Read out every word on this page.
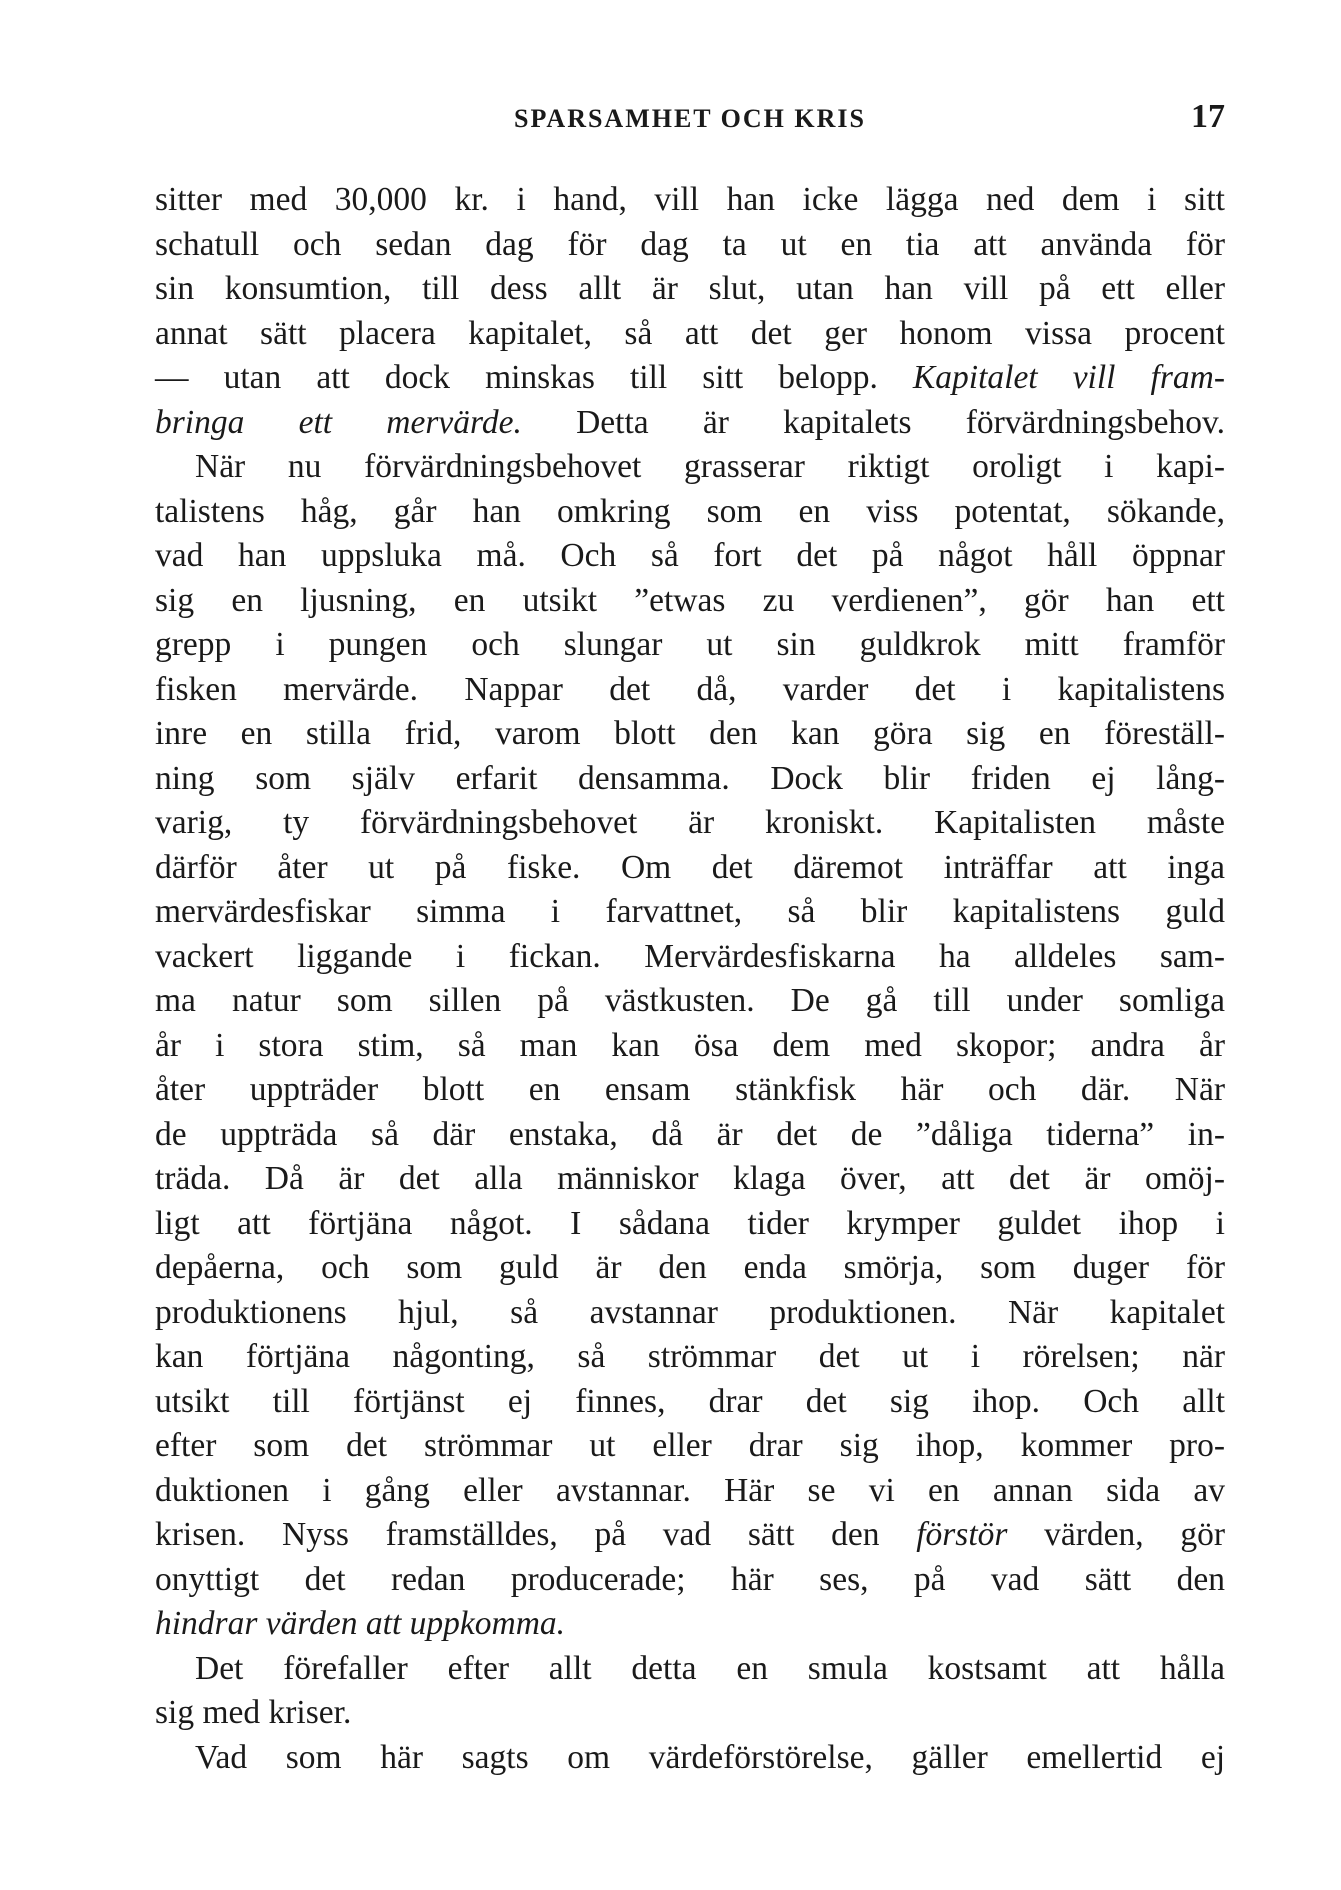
SPARSAMHET OCH KRIS	17
sitter med 30,000 kr. i hand, vill han icke lägga ned dem i sitt
schatull och sedan dag för dag ta ut en tia att använda för
sin konsumtion, till dess allt är slut, utan han vill på ett eller
annat sätt placera kapitalet, så att det ger honom vissa procent
— utan att dock minskas till sitt belopp. Kapitalet vill fram-
bringa ett mervärde. Detta är kapitalets förvärdningsbehov.
När nu förvärdningsbehovet grasserar riktigt oroligt i kapi-
talistens håg, går han omkring som en viss potentat, sökande,
vad han uppsluka må. Och så fort det på något håll öppnar
sig en ljusning, en utsikt ”etwas zu verdienen”, gör han ett
grepp i pungen och slungar ut sin guldkrok mitt framför
fisken mervärde. Nappar det då, varder det i kapitalistens
inre en stilla frid, varom blott den kan göra sig en föreställ-
ning som själv erfarit densamma. Dock blir friden ej lång-
varig, ty förvärdningsbehovet är kroniskt. Kapitalisten måste
därför åter ut på fiske. Om det däremot inträffar att inga
mervärdesfiskar simma i farvattnet, så blir kapitalistens guld
vackert liggande i fickan. Mervärdesfiskarna ha alldeles sam-
ma natur som sillen på västkusten. De gå till under somliga
år i stora stim, så man kan ösa dem med skopor; andra år
åter uppträder blott en ensam stänkfisk här och där. När
de uppträda så där enstaka, då är det de ”dåliga tiderna” in-
träda. Då är det alla människor klaga över, att det är omöj-
ligt att förtjäna något. I sådana tider krymper guldet ihop i
depåerna, och som guld är den enda smörja, som duger för
produktionens hjul, så avstannar produktionen. När kapitalet
kan förtjäna någonting, så strömmar det ut i rörelsen; när
utsikt till förtjänst ej finnes, drar det sig ihop. Och allt
efter som det strömmar ut eller drar sig ihop, kommer pro-
duktionen i gång eller avstannar. Här se vi en annan sida av
krisen. Nyss framställdes, på vad sätt den förstör värden, gör
onyttigt det redan producerade; här ses, på vad sätt den
hindrar värden att uppkomma.
Det förefaller efter allt detta en smula kostsamt att hålla
sig med kriser.
Vad som här sagts om värdeförstörelse, gäller emellertid ej
